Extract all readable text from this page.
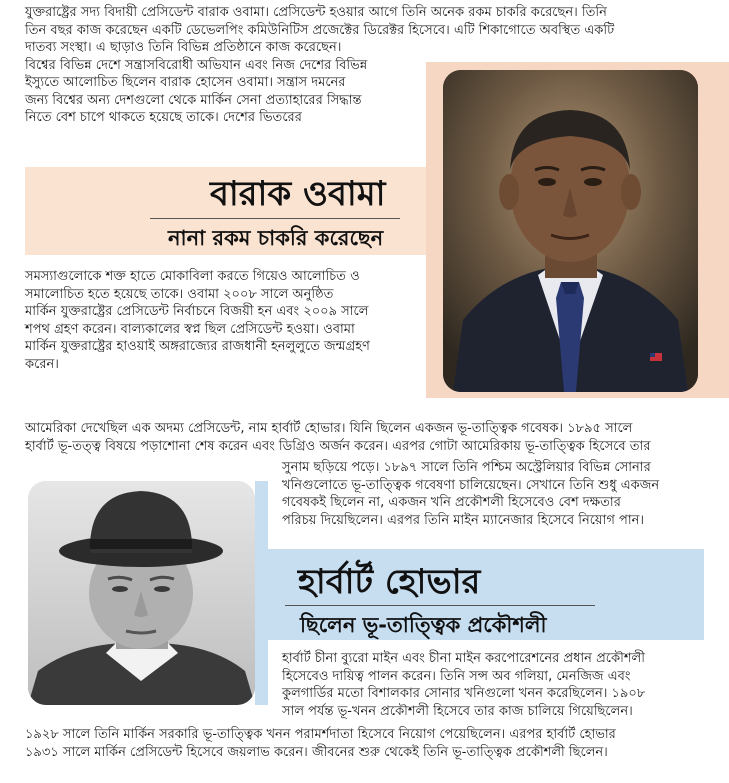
যুক্তরাষ্ট্রের সদ্য বিদায়ী প্রেসিডেন্ট বারাক ওবামা। প্রেসিডেন্ট হওয়ার আগে তিনি অনেক রকম চাকরি করেছেন। তিনি
তিন বছর কাজ করেছেন একটি ডেভেলপিং কমিউনিটিস প্রজেক্টের ডিরেক্টর হিসেবে। এটি শিকাগোতে অবস্থিত একটি
দাতব্য সংস্থা। এ ছাড়াও তিনি বিভিন্ন প্রতিষ্ঠানে কাজ করেছেন।
বিশ্বের বিভিন্ন দেশে সন্ত্রাসবিরোধী অভিযান এবং নিজ দেশের বিভিন্ন
ইস্যুতে আলোচিত ছিলেন বারাক হোসেন ওবামা। সন্ত্রাস দমনের
জন্য বিশ্বের অন্য দেশগুলো থেকে মার্কিন সেনা প্রত্যাহারের সিদ্ধান্ত
নিতে বেশ চাপে থাকতে হয়েছে তাকে। দেশের ভিতরের
বারাক ওবামা
নানা রকম চাকরি করেছেন
সমস্যাগুলোকে শক্ত হাতে মোকাবিলা করতে গিয়েও আলোচিত ও
সমালোচিত হতে হয়েছে তাকে। ওবামা ২০০৮ সালে অনুষ্ঠিত
মার্কিন যুক্তরাষ্ট্রের প্রেসিডেন্ট নির্বাচনে বিজয়ী হন এবং ২০০৯ সালে
শপথ গ্রহণ করেন। বাল্যকালের স্বপ্ন ছিল প্রেসিডেন্ট হওয়া। ওবামা
মার্কিন যুক্তরাষ্ট্রের হাওয়াই অঙ্গরাজ্যের রাজধানী হনলুলুতে জন্মগ্রহণ
করেন।
আমেরিকা দেখেছিল এক অদম্য প্রেসিডেন্ট, নাম হার্বার্ট হোভার। যিনি ছিলেন একজন ভূ-তাত্ত্বিক গবেষক। ১৮৯৫ সালে
হার্বার্ট ভূ-তত্ত্ব বিষয়ে পড়াশোনা শেষ করেন এবং ডিগ্রিও অর্জন করেন। এরপর গোটা আমেরিকায় ভূ-তাত্ত্বিক হিসেবে তার
সুনাম ছড়িয়ে পড়ে। ১৮৯৭ সালে তিনি পশ্চিম অস্ট্রেলিয়ার বিভিন্ন সোনার
খনিগুলোতে ভূ-তাত্ত্বিক গবেষণা চালিয়েছেন। সেখানে তিনি শুধু একজন
গবেষকই ছিলেন না, একজন খনি প্রকৌশলী হিসেবেও বেশ দক্ষতার
পরিচয় দিয়েছিলেন। এরপর তিনি মাইন ম্যানেজার হিসেবে নিয়োগ পান।
হার্বার্ট হোভার
ছিলেন ভূ-তাত্ত্বিক প্রকৌশলী
হার্বার্ট চীনা ব্যুরো মাইন এবং চীনা মাইন করপোরেশনের প্রধান প্রকৌশলী
হিসেবেও দায়িত্ব পালন করেন। তিনি সন্স অব গলিয়া, মেনজিজ এবং
কুলগার্ডির মতো বিশালকার সোনার খনিগুলো খনন করেছিলেন। ১৯০৮
সাল পর্যন্ত ভূ-খনন প্রকৌশলী হিসেবে তার কাজ চালিয়ে গিয়েছিলেন।
১৯২৮ সালে তিনি মার্কিন সরকারি ভূ-তাত্ত্বিক খনন পরামর্শদাতা হিসেবে নিয়োগ পেয়েছিলেন। এরপর হার্বার্ট হোভার
১৯৩১ সালে মার্কিন প্রেসিডেন্ট হিসেবে জয়লাভ করেন। জীবনের শুরু থেকেই তিনি ভূ-তাত্ত্বিক প্রকৌশলী ছিলেন।
